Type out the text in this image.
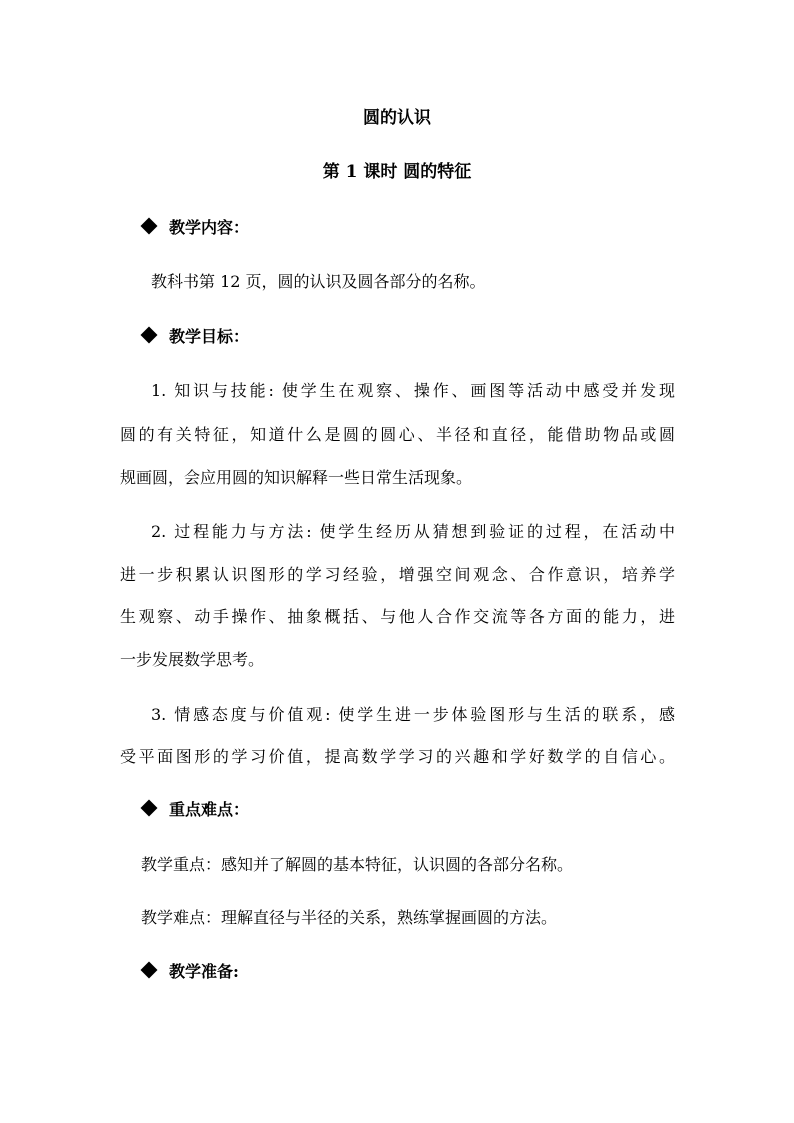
圆的认识
第 1 课时 圆的特征
教学内容：
教科书第 12 页，圆的认识及圆各部分的名称。
教学目标：
1. 知识与技能: 使学生在观察、操作、画图等活动中感受并发现
圆的有关特征，知道什么是圆的圆心、半径和直径，能借助物品或圆
规画圆，会应用圆的知识解释一些日常生活现象。
2. 过程能力与方法: 使学生经历从猜想到验证的过程，在活动中
进一步积累认识图形的学习经验，增强空间观念、合作意识，培养学
生观察、动手操作、抽象概括、与他人合作交流等各方面的能力，进
一步发展数学思考。
3. 情感态度与价值观: 使学生进一步体验图形与生活的联系，感
受平面图形的学习价值，提高数学学习的兴趣和学好数学的自信心。
重点难点：
教学重点：感知并了解圆的基本特征，认识圆的各部分名称。
教学难点：理解直径与半径的关系，熟练掌握画圆的方法。
教学准备:
